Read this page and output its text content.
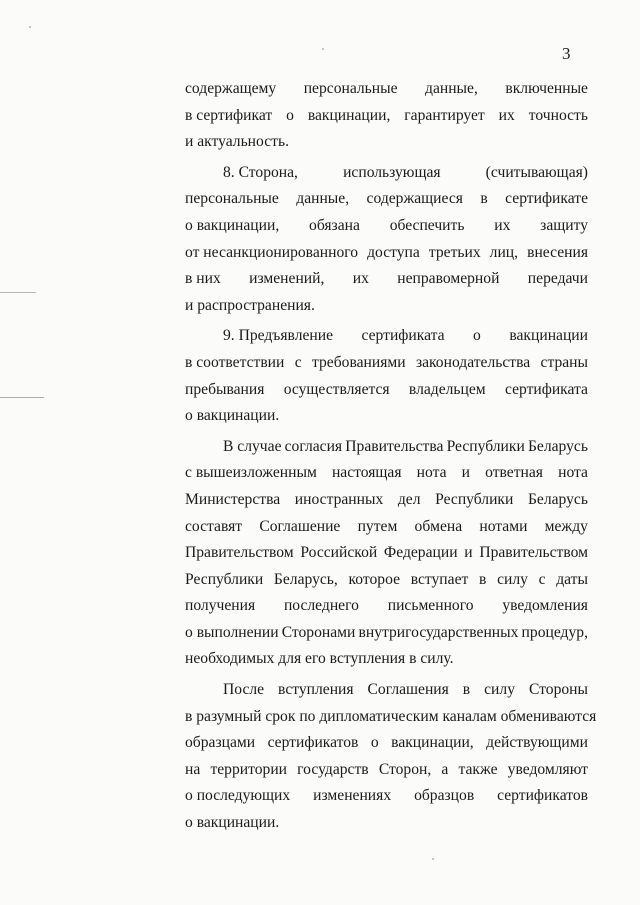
3
содержащему персональные данные, включенные
в сертификат о вакцинации, гарантирует их точность
и актуальность.
8. Сторона,	использующая	(считывающая)
персональные данные, содержащиеся в сертификате
о вакцинации, обязана обеспечить их защиту
от несанкционированного доступа третьих лиц, внесения
в них изменений, их неправомерной передачи
и распространения.
9. Предъявление сертификата о вакцинации
в соответствии с требованиями законодательства страны
пребывания осуществляется владельцем сертификата
о вакцинации.
В случае согласия Правительства Республики Беларусь
с вышеизложенным настоящая нота и ответная нота
Министерства иностранных дел Республики Беларусь
составят Соглашение путем обмена нотами между
Правительством Российской Федерации и Правительством
Республики Беларусь, которое вступает в силу с даты
получения последнего письменного уведомления
о выполнении Сторонами внутригосударственных процедур,
необходимых для его вступления в силу.
После вступления Соглашения в силу Стороны
в разумный срок по дипломатическим каналам обмениваются
образцами сертификатов о вакцинации, действующими
на территории государств Сторон, а также уведомляют
о последующих изменениях образцов сертификатов
о вакцинации.
